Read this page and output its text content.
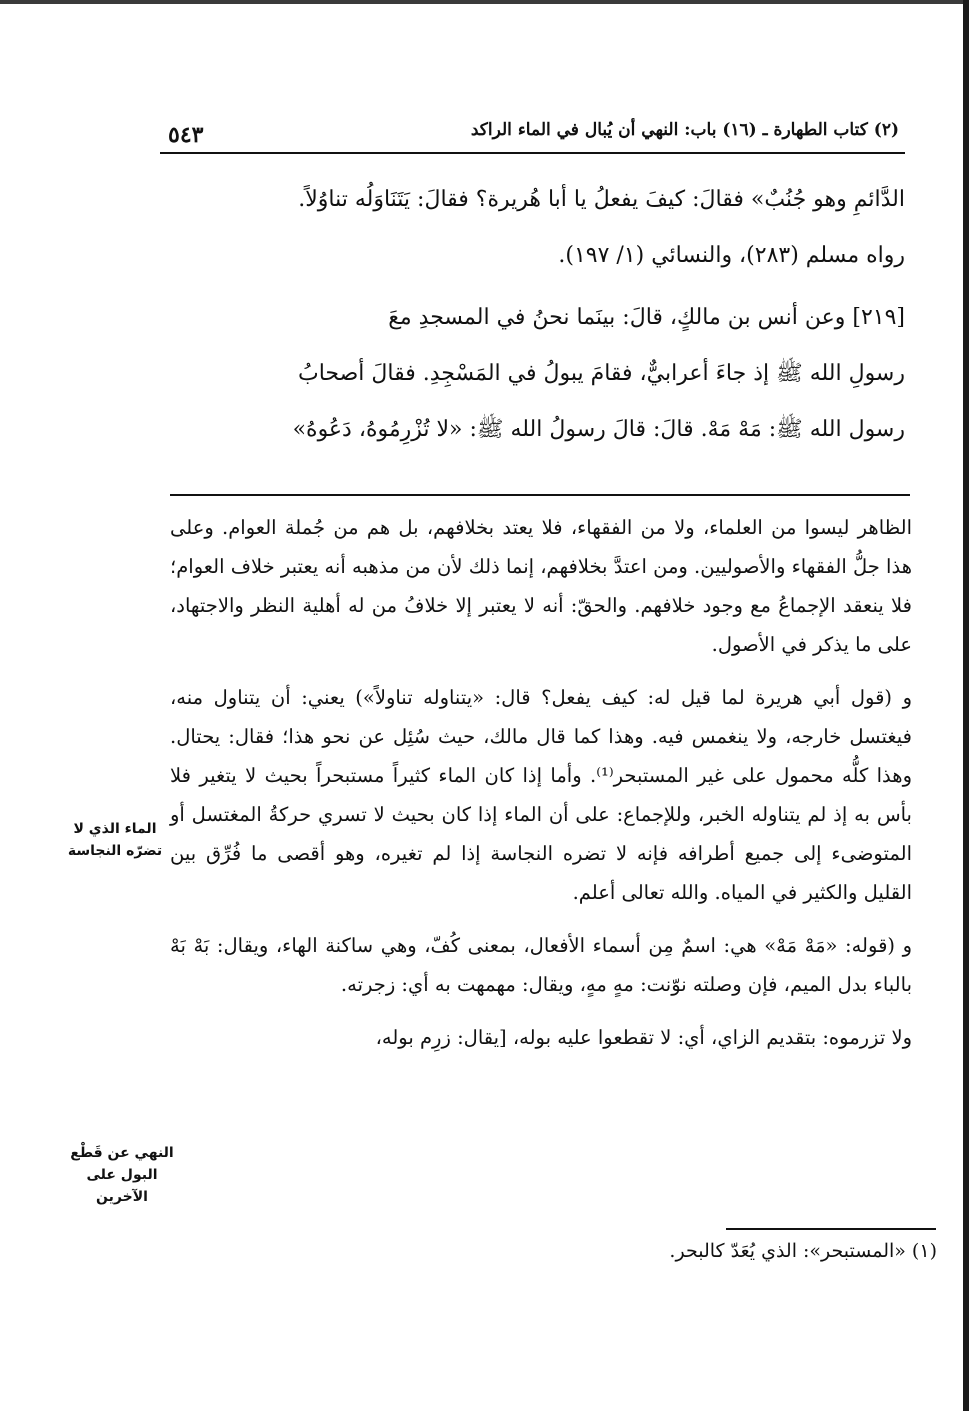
(٢) كتاب الطهارة ـ (١٦) باب: النهي أن يُبال في الماء الراكد
٥٤٣

الدَّائمِ وهو جُنُبٌ» فقالَ: كيفَ يفعلُ يا أبا هُريرة؟ فقالَ: يَتَنَاوَلُه تناوُلاً.

رواه مسلم (٢٨٣)، والنسائي (١/ ١٩٧).

[٢١٩] وعن أنس بن مالكٍ، قالَ: بينَما نحنُ في المسجدِ معَ

رسولِ الله ﷺ إذ جاءَ أعرابيٌّ، فقامَ يبولُ في المَسْجِدِ. فقالَ أصحابُ

رسول الله ﷺ: مَهْ مَهْ. قالَ: قالَ رسولُ الله ﷺ: «لا تُزْرِمُوهُ، دَعُوهُ»

الظاهر ليسوا من العلماء، ولا من الفقهاء، فلا يعتد بخلافهم، بل هم من جُملة العوام. وعلى هذا جلُّ الفقهاء والأصوليين. ومن اعتدَّ بخلافهم، إنما ذلك لأن من مذهبه أنه يعتبر خلاف العوام؛ فلا ينعقد الإجماعُ مع وجود خلافهم. والحقّ: أنه لا يعتبر إلا خلافُ من له أهلية النظر والاجتهاد، على ما يذكر في الأصول.

و (قول أبي هريرة لما قيل له: كيف يفعل؟ قال: «يتناوله تناولاً») يعني: أن يتناول منه، فيغتسل خارجه، ولا ينغمس فيه. وهذا كما قال مالك، حيث سُئِل عن نحو هذا؛ فقال: يحتال. وهذا كلُّه محمول على غير المستبحر⁽¹⁾. وأما إذا كان الماء كثيراً مستبحراً بحيث لا يتغير فلا بأس به إذ لم يتناوله الخبر، وللإجماع: على أن الماء إذا كان بحيث لا تسري حركةُ المغتسل أو المتوضىء إلى جميع أطرافه فإنه لا تضره النجاسة إذا لم تغيره، وهو أقصى ما فُرِّق بين القليل والكثير في المياه. والله تعالى أعلم.

و (قوله: «مَهْ مَهْ» هي: اسمٌ مِن أسماء الأفعال، بمعنى كُفّ، وهي ساكنة الهاء، ويقال: بَهْ بَهْ بالباء بدل الميم، فإن وصلته نوّنت: مهٍ مهٍ، ويقال: مهمهت به أي: زجرته.

ولا تزرموه: بتقديم الزاي، أي: لا تقطعوا عليه بوله، [يقال: زرِم بوله،

الماء الذي لا تضرّه النجاسة
النهي عن قَطْع البول على الآخرين
(١) «المستبحر»: الذي يُعَدّ كالبحر.
